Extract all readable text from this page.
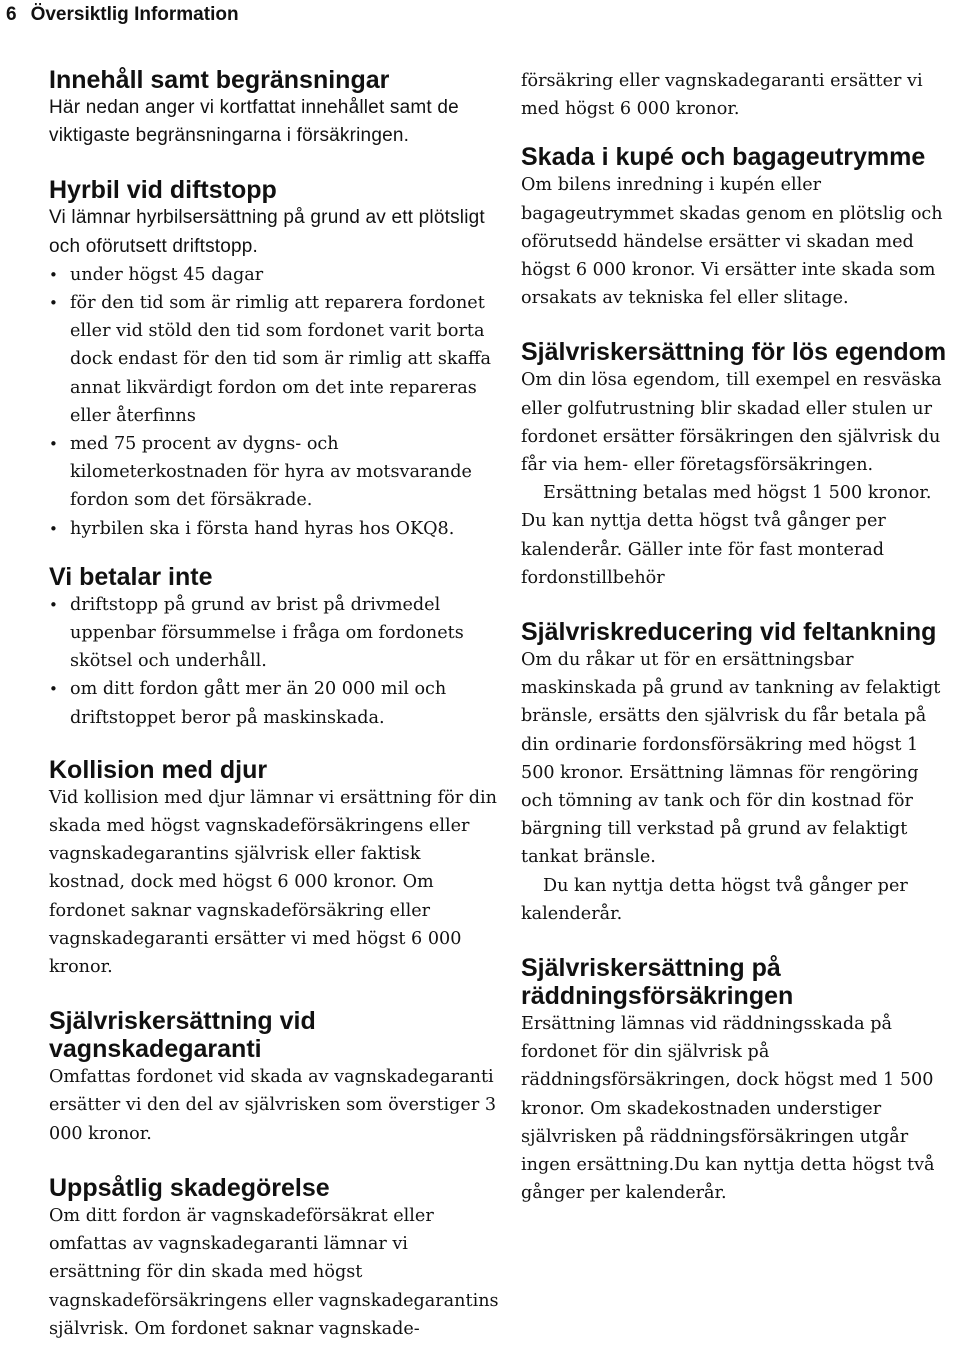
6 Översiktlig Information
Innehåll samt begränsningar

Här nedan anger vi kortfattat innehållet samt de viktigaste begränsningarna i försäkringen.

Hyrbil vid diftstopp

Vi lämnar hyrbilsersättning på grund av ett plötsligt och oförutsett driftstopp.

• under högst 45 dagar
• för den tid som är rimlig att reparera fordonet eller vid stöld den tid som fordonet varit borta dock endast för den tid som är rimlig att skaffa annat likvärdigt fordon om det inte repareras eller återfinns
• med 75 procent av dygns- och kilometerkostnaden för hyra av motsvarande fordon som det försäkrade.
• hyrbilen ska i första hand hyras hos OKQ8.
Vi betalar inte
• driftstopp på grund av brist på drivmedel uppenbar försummelse i fråga om fordonets skötsel och underhåll.
• om ditt fordon gått mer än 20 000 mil och driftstoppet beror på maskinskada.
Kollision med djur

Vid kollision med djur lämnar vi ersättning för din skada med högst vagnskadeförsäkringens eller vagnskadegarantins självrisk eller faktisk kostnad, dock med högst 6 000 kronor. Om fordonet saknar vagnskadeförsäkring eller vagnskadegaranti ersätter vi med högst 6 000 kronor.

Självriskersättning vid vagnskadegaranti

Omfattas fordonet vid skada av vagnskadegaranti ersätter vi den del av självrisken som överstiger 3 000 kronor.

Uppsåtlig skadegörelse

Om ditt fordon är vagnskadeförsäkrat eller omfattas av vagnskadegaranti lämnar vi ersättning för din skada med högst vagnskadeförsäkringens eller vagnskadegarantins självrisk. Om fordonet saknar vagnskade-

försäkring eller vagnskadegaranti ersätter vi med högst 6 000 kronor.

Skada i kupé och bagageutrymme

Om bilens inredning i kupén eller bagageutrymmet skadas genom en plötslig och oförutsedd händelse ersätter vi skadan med högst 6 000 kronor. Vi ersätter inte skada som orsakats av tekniska fel eller slitage.

Självriskersättning för lös egendom

Om din lösa egendom, till exempel en resväska eller golfutrustning blir skadad eller stulen ur fordonet ersätter försäkringen den självrisk du får via hem- eller företagsförsäkringen.

Ersättning betalas med högst 1 500 kronor. Du kan nyttja detta högst två gånger per kalenderår. Gäller inte för fast monterad fordonstillbehör

Självriskreducering vid feltankning

Om du råkar ut för en ersättningsbar maskinskada på grund av tankning av felaktigt bränsle, ersätts den självrisk du får betala på din ordinarie fordonsförsäkring med högst 1 500 kronor. Ersättning lämnas för rengöring och tömning av tank och för din kostnad för bärgning till verkstad på grund av felaktigt tankat bränsle.

Du kan nyttja detta högst två gånger per kalenderår.

Självriskersättning på räddningsförsäkringen

Ersättning lämnas vid räddningsskada på fordonet för din självrisk på räddningsförsäkringen, dock högst med 1 500 kronor. Om skadekostnaden understiger självrisken på räddningsförsäkringen utgår ingen ersättning.Du kan nyttja detta högst två gånger per kalenderår.
